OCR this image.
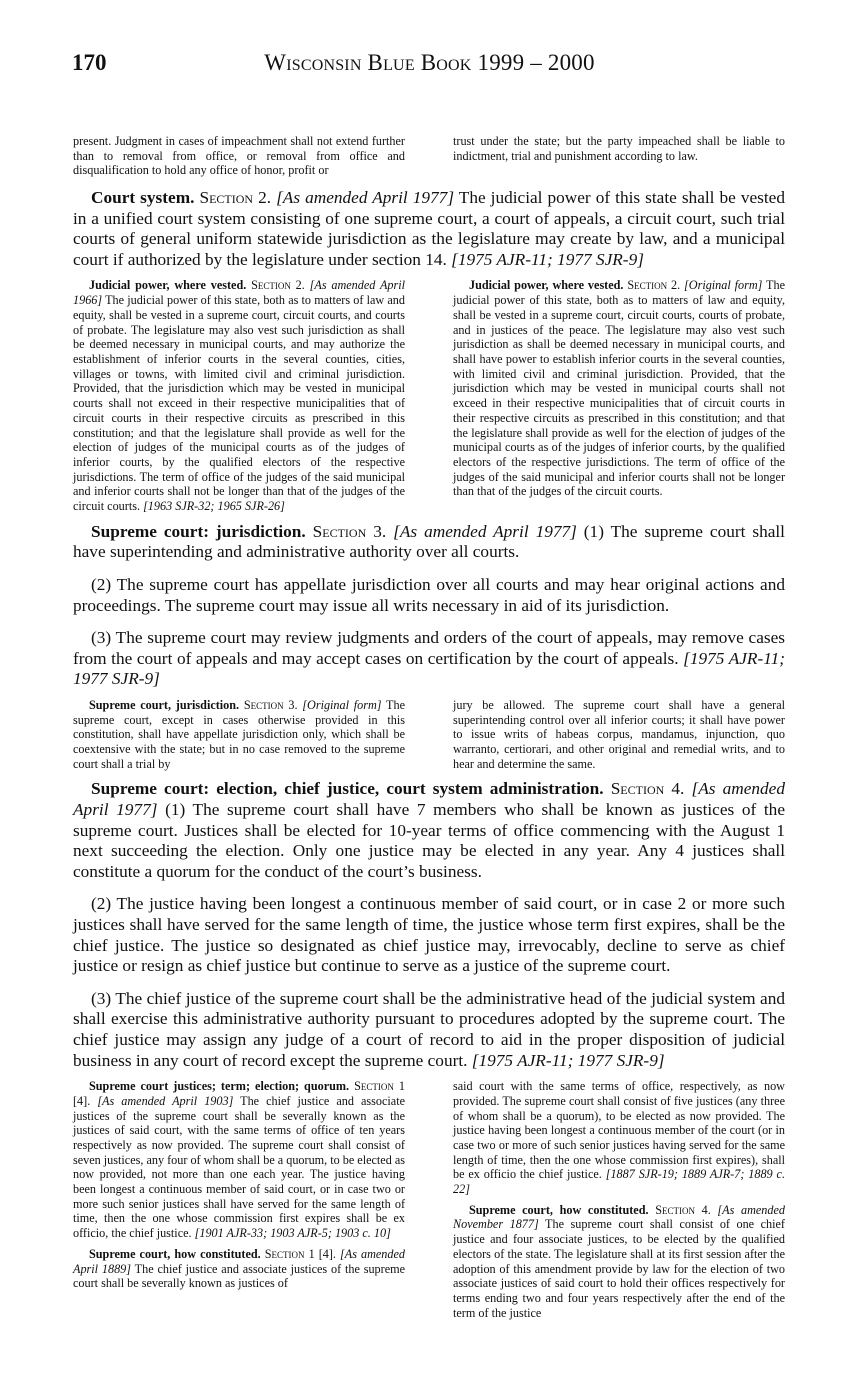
170	Wisconsin Blue Book 1999 – 2000

present. Judgment in cases of impeachment shall not extend further than to removal from office, or removal from office and disqualification to hold any office of honor, profit or

trust under the state; but the party impeached shall be liable to indictment, trial and punishment according to law.

Court system. Section 2. [As amended April 1977] The judicial power of this state shall be vested in a unified court system consisting of one supreme court, a court of appeals, a circuit court, such trial courts of general uniform statewide jurisdiction as the legislature may create by law, and a municipal court if authorized by the legislature under section 14. [1975 AJR-11; 1977 SJR-9]

Judicial power, where vested. Section 2. [As amended April 1966] The judicial power of this state, both as to matters of law and equity, shall be vested in a supreme court, circuit courts, and courts of probate. The legislature may also vest such jurisdiction as shall be deemed necessary in municipal courts, and may authorize the establishment of inferior courts in the several counties, cities, villages or towns, with limited civil and criminal jurisdiction. Provided, that the jurisdiction which may be vested in municipal courts shall not exceed in their respective municipalities that of circuit courts in their respective circuits as prescribed in this constitution; and that the legislature shall provide as well for the election of judges of the municipal courts as of the judges of inferior courts, by the qualified electors of the respective jurisdictions. The term of office of the judges of the said municipal and inferior courts shall not be longer than that of the judges of the circuit courts. [1963 SJR-32; 1965 SJR-26]

Judicial power, where vested. Section 2. [Original form] The judicial power of this state, both as to matters of law and equity, shall be vested in a supreme court, circuit courts, courts of probate, and in justices of the peace. The legislature may also vest such jurisdiction as shall be deemed necessary in municipal courts, and shall have power to establish inferior courts in the several counties, with limited civil and criminal jurisdiction. Provided, that the jurisdiction which may be vested in municipal courts shall not exceed in their respective municipalities that of circuit courts in their respective circuits as prescribed in this constitution; and that the legislature shall provide as well for the election of judges of the municipal courts as of the judges of inferior courts, by the qualified electors of the respective jurisdictions. The term of office of the judges of the said municipal and inferior courts shall not be longer than that of the judges of the circuit courts.

Supreme court: jurisdiction. Section 3. [As amended April 1977] (1) The supreme court shall have superintending and administrative authority over all courts.

(2) The supreme court has appellate jurisdiction over all courts and may hear original actions and proceedings. The supreme court may issue all writs necessary in aid of its jurisdiction.

(3) The supreme court may review judgments and orders of the court of appeals, may remove cases from the court of appeals and may accept cases on certification by the court of appeals. [1975 AJR-11; 1977 SJR-9]

Supreme court, jurisdiction. Section 3. [Original form] The supreme court, except in cases otherwise provided in this constitution, shall have appellate jurisdiction only, which shall be coextensive with the state; but in no case removed to the supreme court shall a trial by

jury be allowed. The supreme court shall have a general superintending control over all inferior courts; it shall have power to issue writs of habeas corpus, mandamus, injunction, quo warranto, certiorari, and other original and remedial writs, and to hear and determine the same.

Supreme court: election, chief justice, court system administration. Section 4. [As amended April 1977] (1) The supreme court shall have 7 members who shall be known as justices of the supreme court. Justices shall be elected for 10-year terms of office commencing with the August 1 next succeeding the election. Only one justice may be elected in any year. Any 4 justices shall constitute a quorum for the conduct of the court’s business.

(2) The justice having been longest a continuous member of said court, or in case 2 or more such justices shall have served for the same length of time, the justice whose term first expires, shall be the chief justice. The justice so designated as chief justice may, irrevocably, decline to serve as chief justice or resign as chief justice but continue to serve as a justice of the supreme court.

(3) The chief justice of the supreme court shall be the administrative head of the judicial system and shall exercise this administrative authority pursuant to procedures adopted by the supreme court. The chief justice may assign any judge of a court of record to aid in the proper disposition of judicial business in any court of record except the supreme court. [1975 AJR-11; 1977 SJR-9]

Supreme court justices; term; election; quorum. Section 1 [4]. [As amended April 1903] The chief justice and associate justices of the supreme court shall be severally known as the justices of said court, with the same terms of office of ten years respectively as now provided. The supreme court shall consist of seven justices, any four of whom shall be a quorum, to be elected as now provided, not more than one each year. The justice having been longest a continuous member of said court, or in case two or more such senior justices shall have served for the same length of time, then the one whose commission first expires shall be ex officio, the chief justice. [1901 AJR-33; 1903 AJR-5; 1903 c. 10]

Supreme court, how constituted. Section 1 [4]. [As amended April 1889] The chief justice and associate justices of the supreme court shall be severally known as justices of

said court with the same terms of office, respectively, as now provided. The supreme court shall consist of five justices (any three of whom shall be a quorum), to be elected as now provided. The justice having been longest a continuous member of the court (or in case two or more of such senior justices having served for the same length of time, then the one whose commission first expires), shall be ex officio the chief justice. [1887 SJR-19; 1889 AJR-7; 1889 c. 22]

Supreme court, how constituted. Section 4. [As amended November 1877] The supreme court shall consist of one chief justice and four associate justices, to be elected by the qualified electors of the state. The legislature shall at its first session after the adoption of this amendment provide by law for the election of two associate justices of said court to hold their offices respectively for terms ending two and four years respectively after the end of the term of the justice
